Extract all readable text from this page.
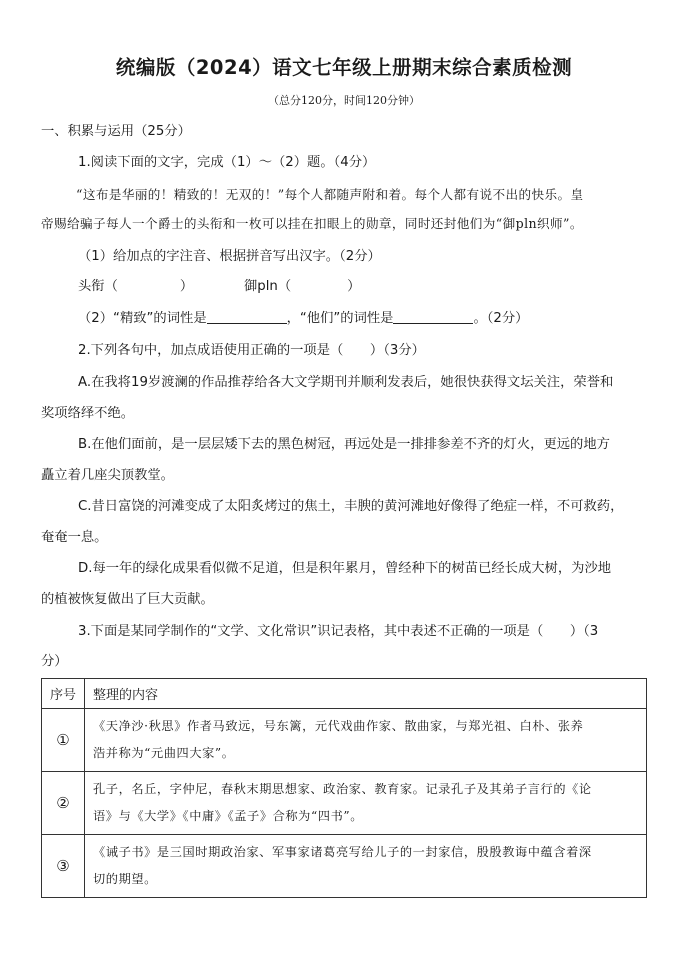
统编版（2024）语文七年级上册期末综合素质检测
（总分120分，时间120分钟）
一、积累与运用（25分）
1.阅读下面的文字，完成（1）～（2）题。（4分）
“这布是华丽的！精致的！无双的！”每个人都随声附和着。每个人都有说不出的快乐。皇
帝赐给骗子每人一个爵士的头衔和一枚可以挂在扣眼上的勋章，同时还封他们为“御pln织师”。
（1）给加点的字注音、根据拼音写出汉字。（2分）
头衔（	）	御pln（	）
（2）“精致”的词性是	，“他们”的词性是	。（2分）
2.下列各句中，加点成语使用正确的一项是（　　）（3分）
A.在我将19岁渡澜的作品推荐给各大文学期刊并顺利发表后，她很快获得文坛关注，荣誉和
奖项络绎不绝。
B.在他们面前，是一层层矮下去的黑色树冠，再远处是一排排参差不齐的灯火，更远的地方
矗立着几座尖顶教堂。
C.昔日富饶的河滩变成了太阳炙烤过的焦土，丰腴的黄河滩地好像得了绝症一样，不可救药，
奄奄一息。
D.每一年的绿化成果看似微不足道，但是积年累月，曾经种下的树苗已经长成大树，为沙地
的植被恢复做出了巨大贡献。
3.下面是某同学制作的“文学、文化常识”识记表格，其中表述不正确的一项是（　　）（3
分）
序号	整理的内容
①	《天净沙·秋思》作者马致远，号东篱，元代戏曲作家、散曲家，与郑光祖、白朴、张养
浩并称为“元曲四大家”。

②	孔子，名丘，字仲尼，春秋末期思想家、政治家、教育家。记录孔子及其弟子言行的《论
语》与《大学》《中庸》《孟子》合称为“四书”。

③	《诫子书》是三国时期政治家、军事家诸葛亮写给儿子的一封家信，殷殷教诲中蕴含着深
切的期望。
